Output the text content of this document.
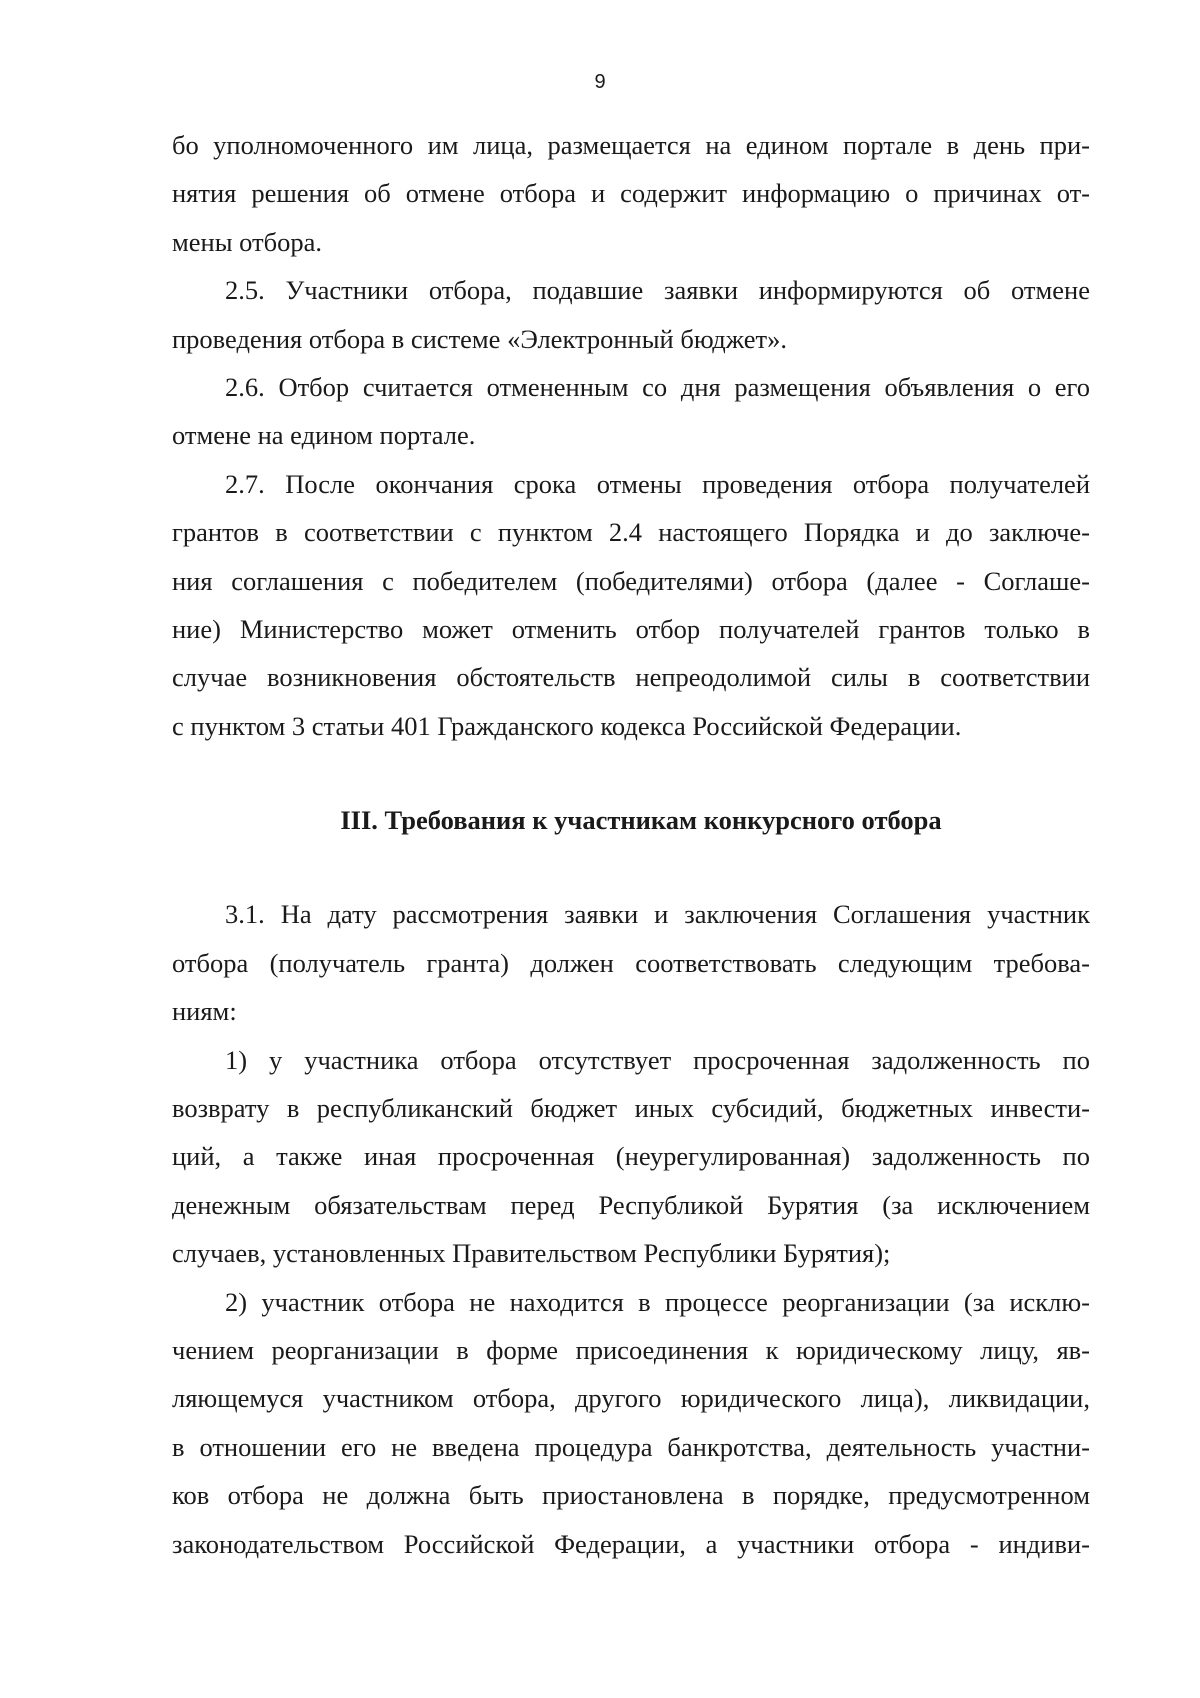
9
бо уполномоченного им лица, размещается на едином портале в день при-
нятия решения об отмене отбора и содержит информацию о причинах от-
мены отбора.
2.5. Участники отбора, подавшие заявки информируются об отмене
проведения отбора в системе «Электронный бюджет».
2.6. Отбор считается отмененным со дня размещения объявления о его
отмене на едином портале.
2.7. После окончания срока отмены проведения отбора получателей
грантов в соответствии с пунктом 2.4 настоящего Порядка и до заключе-
ния соглашения с победителем (победителями) отбора (далее - Соглаше-
ние) Министерство может отменить отбор получателей грантов только в
случае возникновения обстоятельств непреодолимой силы в соответствии
с пунктом 3 статьи 401 Гражданского кодекса Российской Федерации.
III. Требования к участникам конкурсного отбора
3.1. На дату рассмотрения заявки и заключения Соглашения участник
отбора (получатель гранта) должен соответствовать следующим требова-
ниям:
1) у участника отбора отсутствует просроченная задолженность по
возврату в республиканский бюджет иных субсидий, бюджетных инвести-
ций, а также иная просроченная (неурегулированная) задолженность по
денежным обязательствам перед Республикой Бурятия (за исключением
случаев, установленных Правительством Республики Бурятия);
2) участник отбора не находится в процессе реорганизации (за исклю-
чением реорганизации в форме присоединения к юридическому лицу, яв-
ляющемуся участником отбора, другого юридического лица), ликвидации,
в отношении его не введена процедура банкротства, деятельность участни-
ков отбора не должна быть приостановлена в порядке, предусмотренном
законодательством Российской Федерации, а участники отбора - индиви-
